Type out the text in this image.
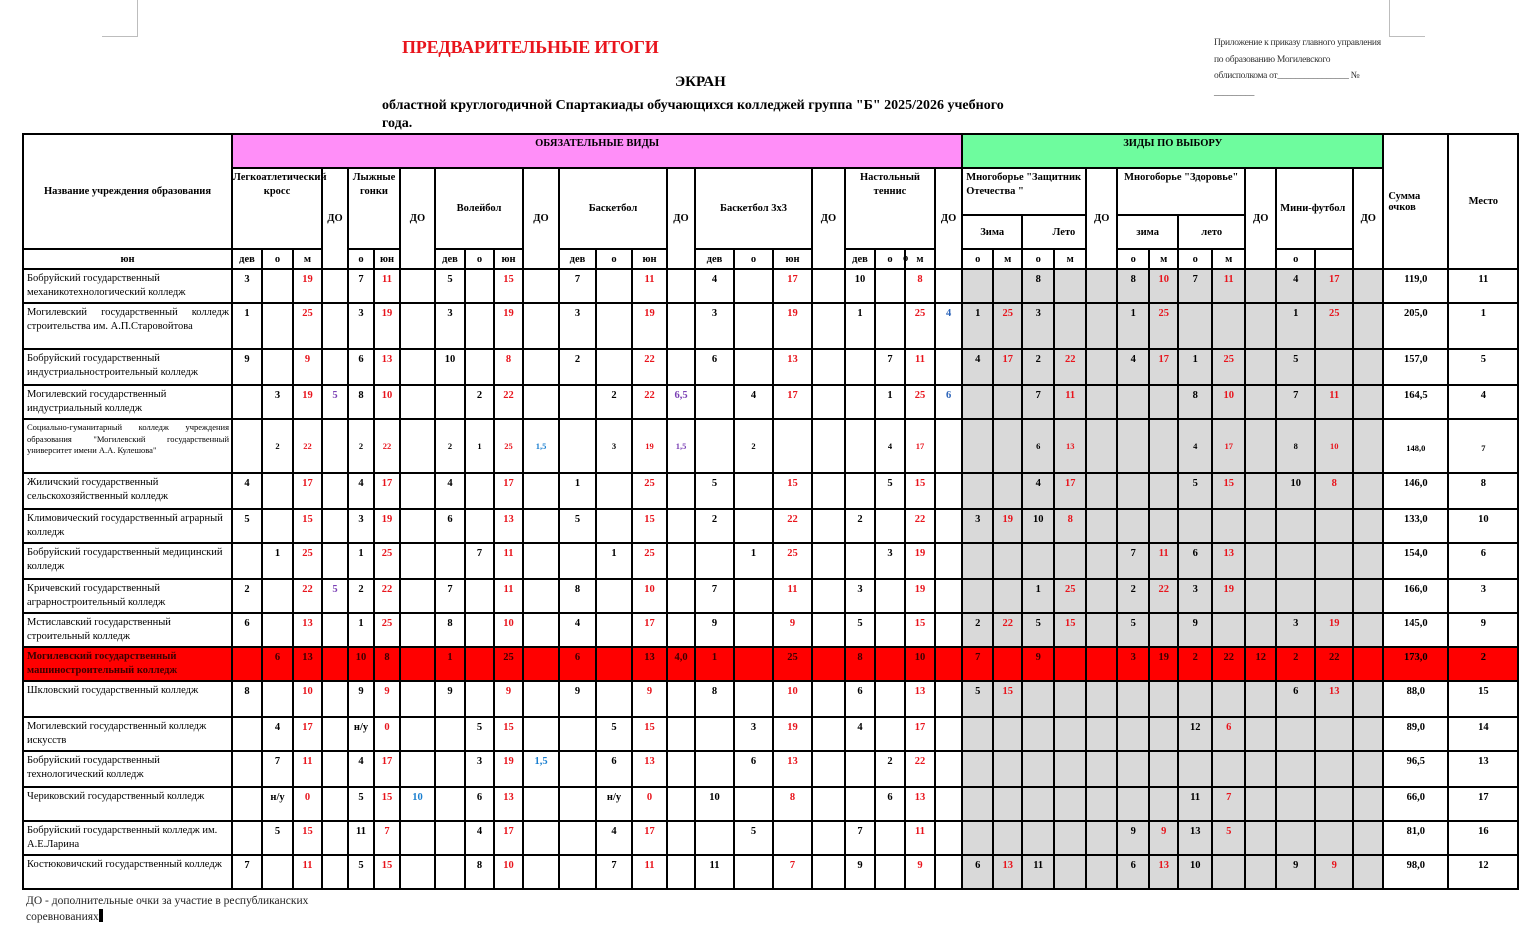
ПРЕДВАРИТЕЛЬНЫЕ ИТОГИ
ЭКРАН
областной круглогодичной Спартакиады обучающихся колледжей группа "Б" 2025/2026 учебного года.
Приложение к приказу главного управления
по образованию Могилевского
облисполкома от________________ №
_________
Название учреждения образования	ОБЯЗАТЕЛЬНЫЕ ВИДЫ																							ЗИДЫ ПО ВЫБОРУ													Сумма очков	Место
	Легкоатлетический кросс			ДО	Лыжные гонки		ДО	Волейбол			ДО	Баскетбол			ДО	Баскетбол 3х3			ДО	Настольный теннис			ДО	Многоборье "Защитник Отечества "				ДО	Многоборье "Здоровье"				ДО	Мини-футбол		ДО		
																								Зима		Лето			зима		лето							
юн	дев	о	м		о	юн		дев	о	юн		дев	о	юн		дев	о	юн		дев	о	о м		о	м	о	м		о	м	о	м		о				
Бобруйский государственный механикотехнологический колледж	3		19		7	11		5		15		7		11		4		17		10		8				8			8	10	7	11		4	17		119,0	11
Могилевский государственный колледж строительства им. А.П.Старовойтова	1		25		3	19		3		19		3		19		3		19		1		25	4	1	25	3			1	25				1	25		205,0	1
Бобруйский государственный индустриальностроительный колледж	9		9		6	13		10		8		2		22		6		13			7	11		4	17	2	22		4	17	1	25		5			157,0	5
Могилевский государственный индустриальный колледж		3	19	5	8	10			2	22			2	22	6,5		4	17			1	25	6			7	11				8	10		7	11		164,5	4
Социально-гуманитарный колледж учреждения образования "Могилевский государственный университет имени А.А. Кулешова"		2	22		2	22		2	1	25	1,5		3	19	1,5		2				4	17				6	13				4	17		8	10		148,0	7
Жиличский государственный сельскохозяйственный колледж	4		17		4	17		4		17		1		25		5		15			5	15				4	17				5	15		10	8		146,0	8
Климовический государственный аграрный колледж	5		15		3	19		6		13		5		15		2		22		2		22		3	19	10	8										133,0	10
Бобруйский государственный медицинский колледж		1	25		1	25			7	11			1	25			1	25			3	19							7	11	6	13					154,0	6
Кричевский государственный аграрностроительный колледж	2		22	5	2	22		7		11		8		10		7		11		3		19				1	25		2	22	3	19					166,0	3
Мстиславский государственный строительный колледж	6		13		1	25		8		10		4		17		9		9		5		15		2	22	5	15		5		9			3	19		145,0	9
Могилевский государственный машиностроительный колледж		6	13		10	8		1		25		6		13	4,0	1		25		8		10		7		9			3	19	2	22	12	2	22		173,0	2
Шкловский государственный колледж	8		10		9	9		9		9		9		9		8		10		6		13		5	15									6	13		88,0	15
Могилевский государственный колледж искусств		4	17		н/у	0			5	15			5	15			3	19		4		17									12	6					89,0	14
Бобруйский государственный технологический колледж		7	11		4	17			3	19	1,5		6	13			6	13			2	22															96,5	13
Чериковский государственный колледж		н/у	0		5	15	10		6	13			н/у	0		10		8			6	13									11	7					66,0	17
Бобруйский государственный колледж им. А.Е.Ларина		5	15		11	7			4	17			4	17			5			7		11							9	9	13	5					81,0	16
Костюковичский государственный колледж	7		11		5	15			8	10			7	11		11		7		9		9		6	13	11			6	13	10			9	9		98,0	12
ДО - дополнительные очки за участие в республиканских соревнованиях
